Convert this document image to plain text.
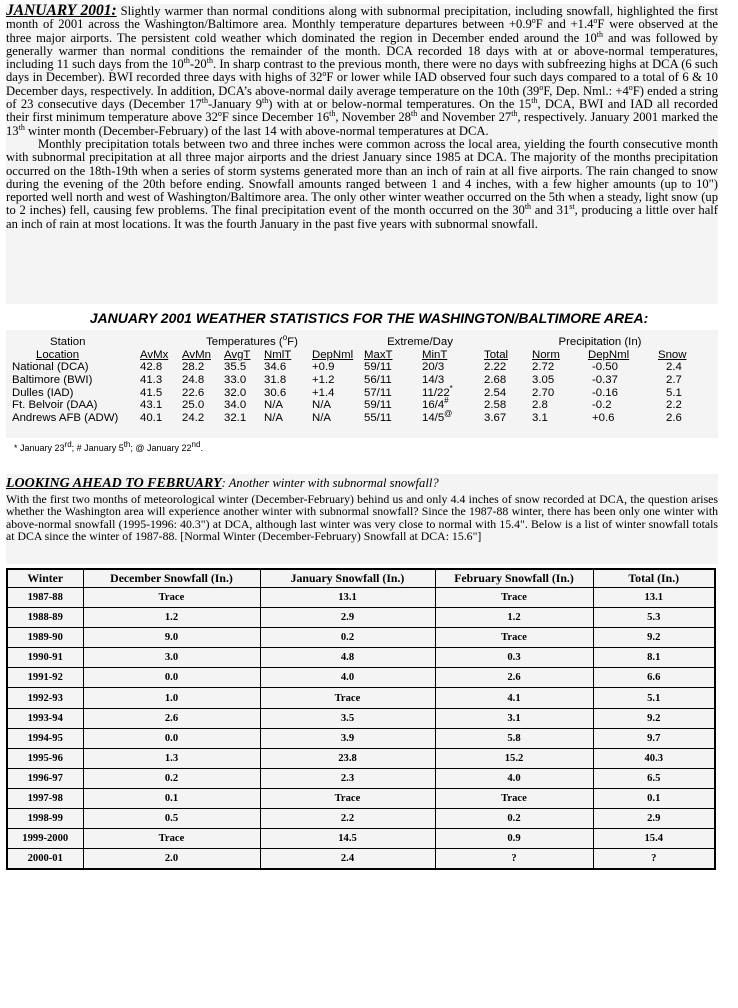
JANUARY 2001: Slightly warmer than normal conditions along with subnormal precipitation, including snowfall, highlighted the first month of 2001 across the Washington/Baltimore area. Monthly temperature departures between $+0.9^oF$ and $+1.4^oF$ were observed at the three major airports. The persistent cold weather which dominated the region in December ended around the 10th and was followed by generally warmer than normal conditions the remainder of the month. DCA recorded 18 days with at or above-normal temperatures, including 11 such days from the 10th-20th. In sharp contrast to the previous month, there were no days with subfreezing highs at DCA (6 such days in December). BWI recorded three days with highs of 32$^o$F or lower while IAD observed four such days compared to a total of 6 & 10 December days, respectively. In addition, DCA’s above-normal daily average temperature on the 10th (39$^o$F, Dep. Nml.: $+4^oF$) ended a string of 23 consecutive days (December 17th-January 9th) with at or below-normal temperatures. On the 15th, DCA, BWI and IAD all recorded their first minimum temperature above 32$^o$F since December 16th, November 28th and November 27th, respectively. January 2001 marked the 13th winter month (December-February) of the last 14 with above-normal temperatures at DCA.

Monthly precipitation totals between two and three inches were common across the local area, yielding the fourth consecutive month with subnormal precipitation at all three major airports and the driest January since 1985 at DCA. The majority of the months precipitation occurred on the 18th-19th when a series of storm systems generated more than an inch of rain at all five airports. The rain changed to snow during the evening of the 20th before ending. Snowfall amounts ranged between 1 and 4 inches, with a few higher amounts (up to 10") reported well north and west of Washington/Baltimore area. The only other winter weather occurred on the 5th when a steady, light snow (up to 2 inches) fell, causing few problems. The final precipitation event of the month occurred on the 30th and 31st, producing a little over half an inch of rain at most locations. It was the fourth January in the past five years with subnormal snowfall.

JANUARY 2001 WEATHER STATISTICS FOR THE WASHINGTON/BALTIMORE AREA:
Station	Temperatures ($^o$F)					Extreme/Day		Precipitation (In)			
Location	AvMx	AvMn	AvgT	NmlT	DepNml	MaxT	MinT	Total	Norm	DepNml	Snow
National (DCA)	42.8	28.2	35.5	34.6	+0.9	59/11	20/3	2.22	2.72	-0.50	2.4
Baltimore (BWI)	41.3	24.8	33.0	31.8	+1.2	56/11	14/3	2.68	3.05	-0.37	2.7
Dulles (IAD)	41.5	22.6	32.0	30.6	+1.4	57/11	11/22*	2.54	2.70	-0.16	5.1
Ft. Belvoir (DAA)	43.1	25.0	34.0	N/A	N/A	59/11	16/4#	2.58	2.8	-0.2	2.2
Andrews AFB (ADW)	40.1	24.2	32.1	N/A	N/A	55/11	14/5@	3.67	3.1	+0.6	2.6
* January 23rd; # January 5th; @ January 22nd.
LOOKING AHEAD TO FEBRUARY: Another winter with subnormal snowfall?

With the first two months of meteorological winter (December-February) behind us and only 4.4 inches of snow recorded at DCA, the question arises whether the Washington area will experience another winter with subnormal snowfall? Since the 1987-88 winter, there has been only one winter with above-normal snowfall (1995-1996: 40.3") at DCA, although last winter was very close to normal with 15.4". Below is a list of winter snowfall totals at DCA since the winter of 1987-88. [Normal Winter (December-February) Snowfall at DCA: 15.6"]

Winter	December Snowfall (In.)	January Snowfall (In.)	February Snowfall (In.)	Total (In.)
1987-88	Trace	13.1	Trace	13.1
1988-89	1.2	2.9	1.2	5.3
1989-90	9.0	0.2	Trace	9.2
1990-91	3.0	4.8	0.3	8.1
1991-92	0.0	4.0	2.6	6.6
1992-93	1.0	Trace	4.1	5.1
1993-94	2.6	3.5	3.1	9.2
1994-95	0.0	3.9	5.8	9.7
1995-96	1.3	23.8	15.2	40.3
1996-97	0.2	2.3	4.0	6.5
1997-98	0.1	Trace	Trace	0.1
1998-99	0.5	2.2	0.2	2.9
1999-2000	Trace	14.5	0.9	15.4
2000-01	2.0	2.4	?	?
